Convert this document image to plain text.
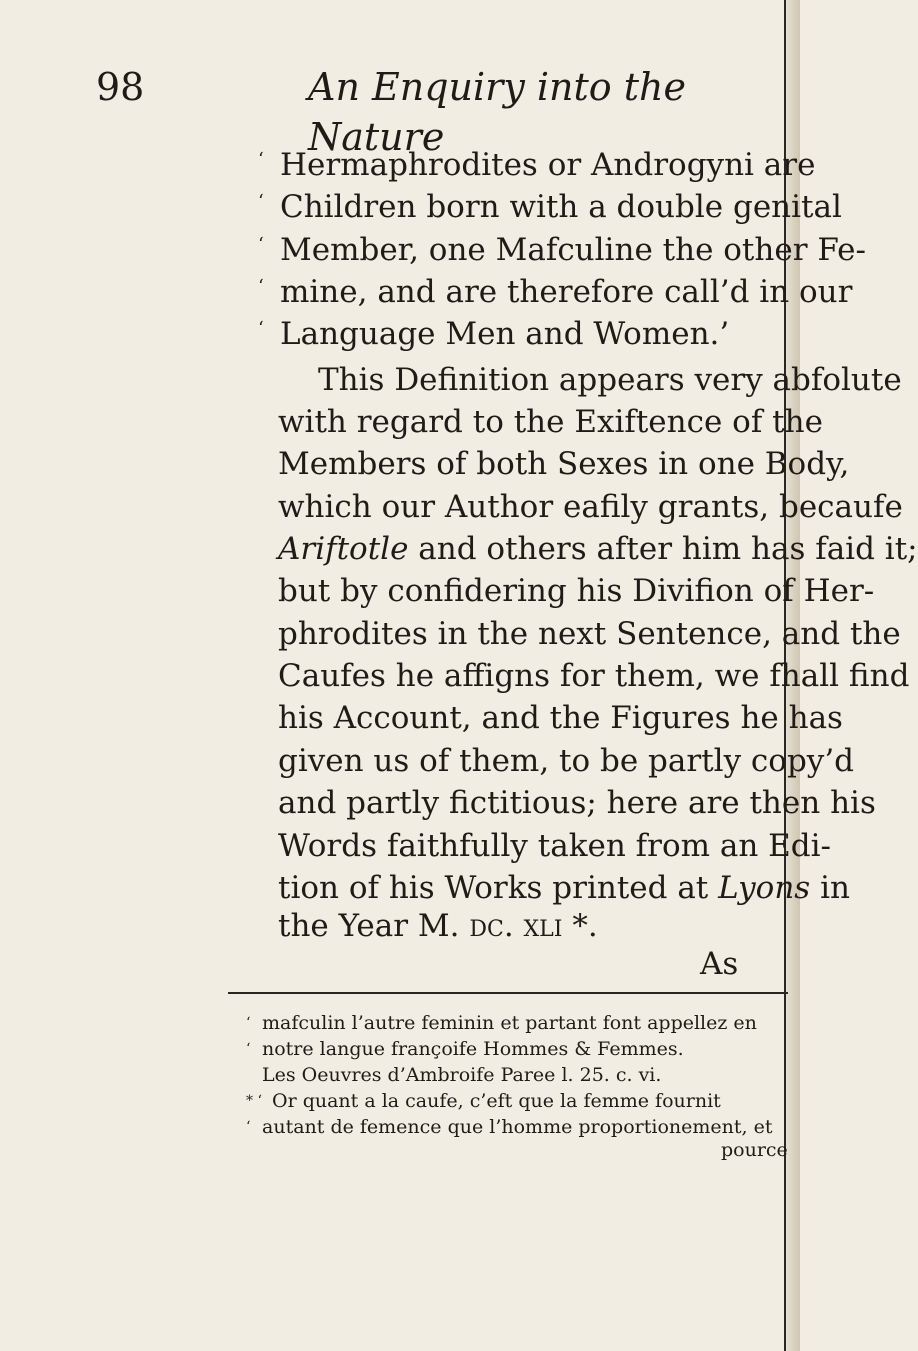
98	An Enquiry into the Nature
‘ Hermaphrodites or Androgyni are
‘ Children born with a double genital
‘ Member, one Mafculine the other Fe-
‘ mine, and are therefore call’d in our
‘ Language Men and Women.’
This Definition appears very abfolute
with regard to the Exiftence of the
Members of both Sexes in one Body,
which our Author eafily grants, becaufe
Ariftotle and others after him has faid it;
but by confidering his Divifion of Her-
phrodites in the next Sentence, and the
Caufes he affigns for them, we fhall find
his Account, and the Figures he has
given us of them, to be partly copy’d
and partly fictitious; here are then his
Words faithfully taken from an Edi-
tion of his Works printed at Lyons in
the Year M. dc. xli *.
As
‘ mafculin l’autre feminin et partant font appellez en
‘ notre langue françoife Hommes & Femmes.
Les Oeuvres d’Ambroife Paree l. 25. c. vi.
* ‘ Or quant a la caufe, c’eft que la femme fournit
‘ autant de femence que l’homme proportionement, et
pource
